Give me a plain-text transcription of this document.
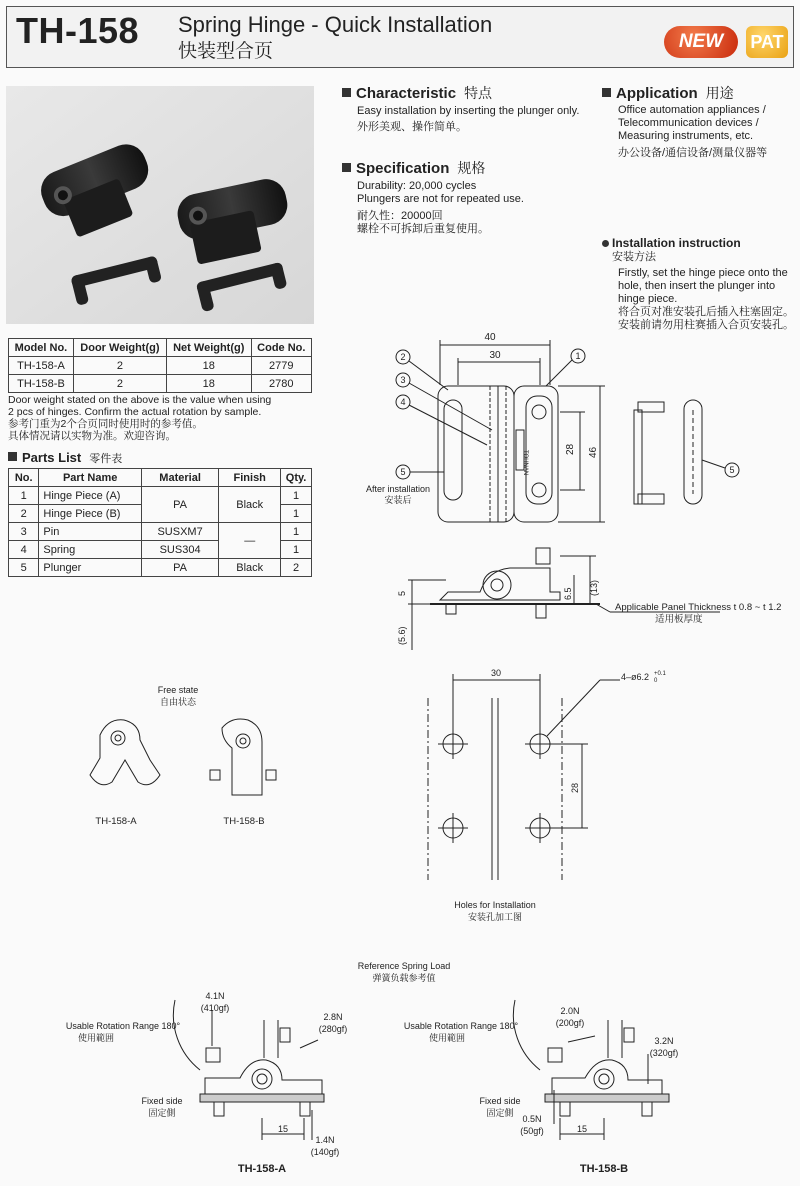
TH-158 Spring Hinge - Quick Installation
快装型合页	NEW	PAT
Model No.	Door Weight(g)	Net Weight(g)	Code No.
TH-158-A	2	18	2779
TH-158-B	2	18	2780
Door weight stated on the above is the value when using
2 pcs of hinges. Confirm the actual rotation by sample.
参考门重为2个合页同时使用时的参考值。
具体情况请以实物为准。欢迎咨询。
Parts List 零件表
No.	Part Name	Material	Finish	Qty.
1	Hinge Piece (A)	PA	Black	1
2	Hinge Piece (B)			1
3	Pin	SUSXM7	—	1
4	Spring	SUS304		1
5	Plunger	PA	Black	2
Characteristic 特点
Easy installation by inserting the plunger only.
外形美观、操作简单。
Specification 规格
Durability: 20,000 cycles
Plungers are not for repeated use.
耐久性：20000回
螺栓不可拆卸后重复使用。
Application 用途
Office automation appliances /
Telecommunication devices /
Measuring instruments, etc.
办公设备/通信设备/测量仪器等
Installation instruction
安装方法
Firstly, set the hinge piece onto the
hole, then insert the plunger into
hinge piece.
将合页对准安装孔后插入柱塞固定。
安装前请勿用柱赛插入合页安装孔。
40
30
28 46
2
3
4
5
1
5
After installation
安装后
TOHNAN
5	6.5 (13)
(5.6)
Applicable Panel Thickness t 0.8 ~ t 1.2
适用板厚度
Free state
自由状态
TH-158-A	TH-158-B
30
28
4–ø6.2 +0.1
0
Holes for Installation
安装孔加工图
Reference Spring Load
弹簧负载参考值
4.1N
(410gf)
2.8N
(280gf)
1.4N
(140gf)
Usable Rotation Range 180°
使用範囲
Fixed side
固定側
15
TH-158-A
2.0N
(200gf)
3.2N
(320gf)
0.5N
(50gf)
Usable Rotation Range 180°
使用範囲
Fixed side
固定側
15
TH-158-B
